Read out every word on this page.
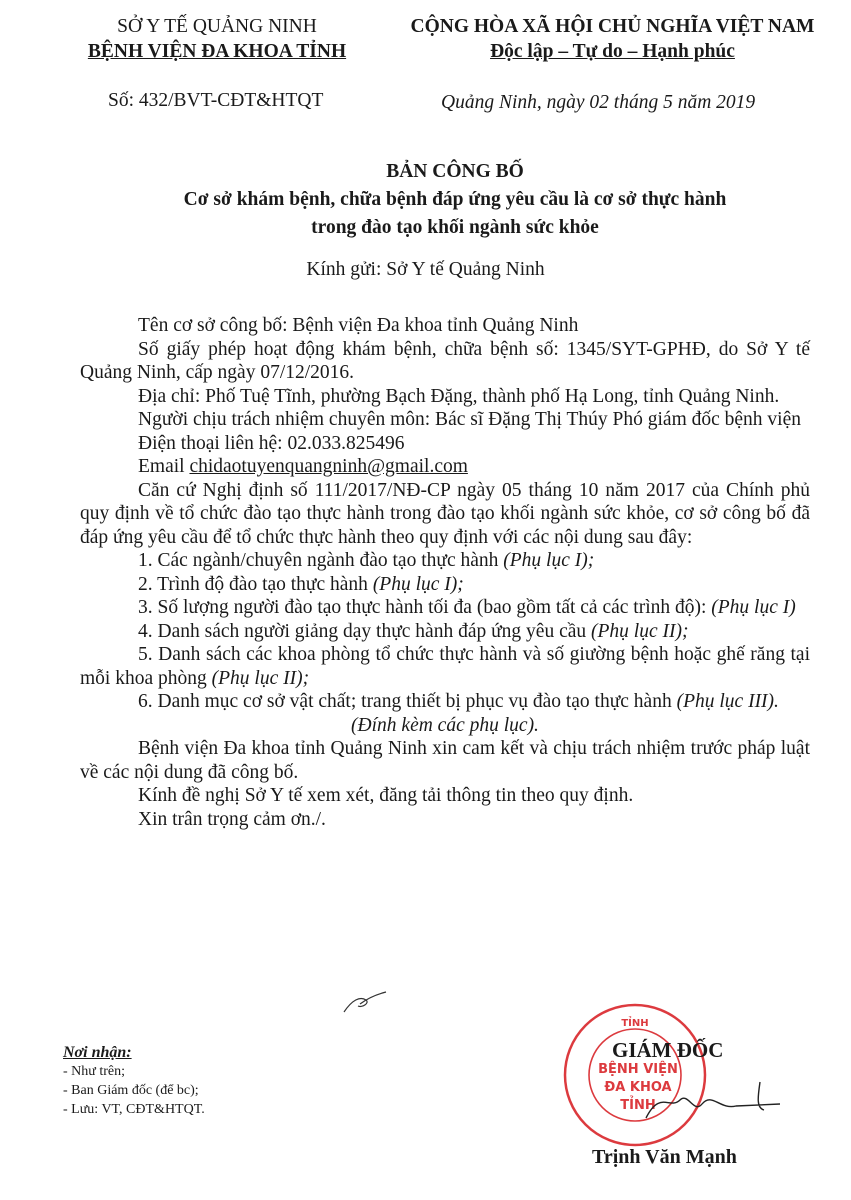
SỞ Y TẾ QUẢNG NINH
BỆNH VIỆN ĐA KHOA TỈNH
Số: 432/BVT-CĐT&HTQT
CỘNG HÒA XÃ HỘI CHỦ NGHĨA VIỆT NAM
Độc lập – Tự do – Hạnh phúc
Quảng Ninh, ngày 02 tháng 5 năm 2019
BẢN CÔNG BỐ
Cơ sở khám bệnh, chữa bệnh đáp ứng yêu cầu là cơ sở thực hành
trong đào tạo khối ngành sức khỏe
Kính gửi: Sở Y tế Quảng Ninh
Tên cơ sở công bố: Bệnh viện Đa khoa tỉnh Quảng Ninh
Số giấy phép hoạt động khám bệnh, chữa bệnh số: 1345/SYT-GPHĐ, do Sở Y tế Quảng Ninh, cấp ngày 07/12/2016.
Địa chỉ: Phố Tuệ Tĩnh, phường Bạch Đặng, thành phố Hạ Long, tỉnh Quảng Ninh.
Người chịu trách nhiệm chuyên môn: Bác sĩ Đặng Thị Thúy Phó giám đốc bệnh viện
Điện thoại liên hệ: 02.033.825496
Email chidaotuyenquangninh@gmail.com
Căn cứ Nghị định số 111/2017/NĐ-CP ngày 05 tháng 10 năm 2017 của Chính phủ quy định về tổ chức đào tạo thực hành trong đào tạo khối ngành sức khỏe, cơ sở công bố đã đáp ứng yêu cầu để tổ chức thực hành theo quy định với các nội dung sau đây:
1. Các ngành/chuyên ngành đào tạo thực hành (Phụ lục I);
2. Trình độ đào tạo thực hành (Phụ lục I);
3. Số lượng người đào tạo thực hành tối đa (bao gồm tất cả các trình độ): (Phụ lục I)
4. Danh sách người giảng dạy thực hành đáp ứng yêu cầu (Phụ lục II);
5. Danh sách các khoa phòng tổ chức thực hành và số giường bệnh hoặc ghế răng tại mỗi khoa phòng (Phụ lục II);
6. Danh mục cơ sở vật chất; trang thiết bị phục vụ đào tạo thực hành (Phụ lục III).
(Đính kèm các phụ lục).
Bệnh viện Đa khoa tỉnh Quảng Ninh xin cam kết và chịu trách nhiệm trước pháp luật về các nội dung đã công bố.
Kính đề nghị Sở Y tế xem xét, đăng tải thông tin theo quy định.
Xin trân trọng cảm ơn./.
Nơi nhận:
- Như trên;
- Ban Giám đốc (để bc);
- Lưu: VT, CĐT&HTQT.
TỈNH
BỆNH VIỆN
ĐA KHOA
TỈNH
GIÁM ĐỐC
Trịnh Văn Mạnh
